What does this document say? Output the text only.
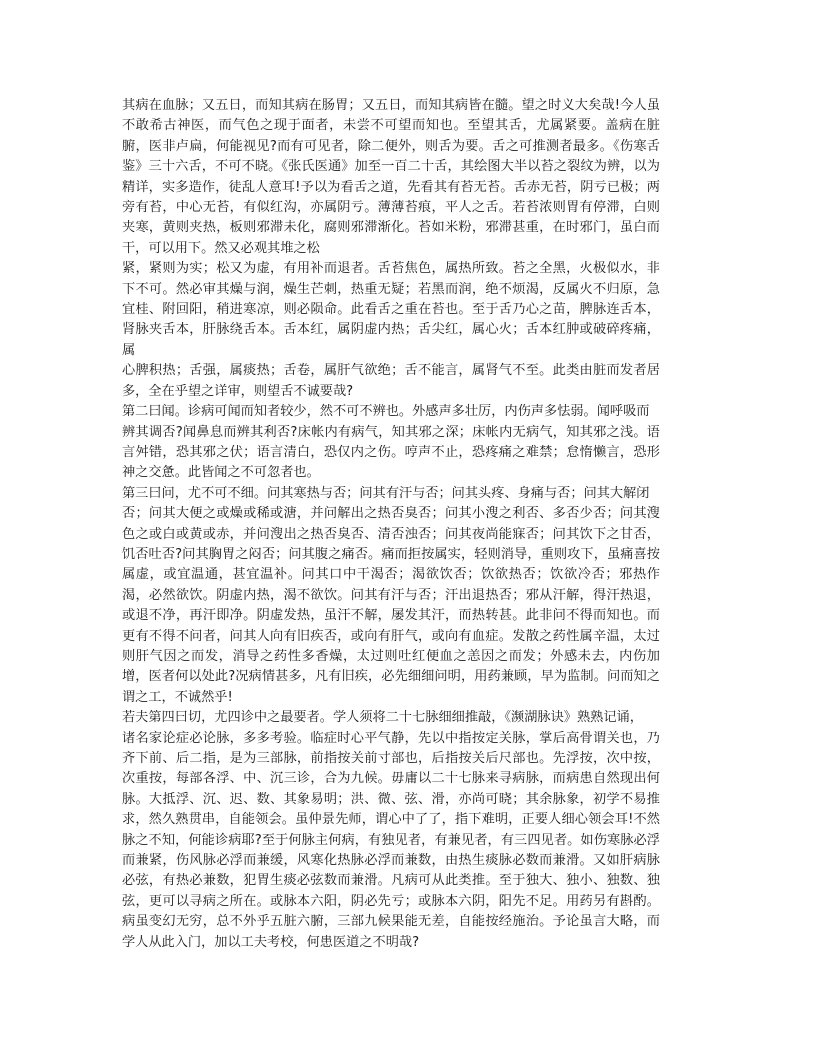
其病在血脉；又五日，而知其病在肠胃；又五日，而知其病皆在髓。望之时义大矣哉!今人虽不敢希古神医，而气色之现于面者，未尝不可望而知也。至望其舌，尤属紧要。盖病在脏腑，医非卢扁，何能视见?而有可见者，除二便外，则舌为要。舌之可推测者最多。《伤寒舌鉴》三十六舌，不可不晓。《张氏医通》加至一百二十舌，其绘图大半以苔之裂纹为辨，以为精详，实多造作，徒乱人意耳!予以为看舌之道，先看其有苔无苔。舌赤无苔，阴亏已极；两旁有苔，中心无苔，有似红沟，亦属阴亏。薄薄苔痕，平人之舌。若苔浓则胃有停滞，白则夹寒，黄则夹热，板则邪滞未化，腐则邪滞渐化。苔如米粉，邪滞甚重，在时邪门，虽白而干，可以用下。然又必观其堆之松

紧，紧则为实；松又为虚，有用补而退者。舌苔焦色，属热所致。苔之全黑，火极似水，非下不可。然必审其燥与润，燥生芒刺，热重无疑；若黑而润，绝不烦渴，反属火不归原，急宜桂、附回阳，稍进寒凉，则必陨命。此看舌之重在苔也。至于舌乃心之苗，脾脉连舌本，肾脉夹舌本，肝脉绕舌本。舌本红，属阴虚内热；舌尖红，属心火；舌本红肿或破碎疼痛，属

心脾积热；舌强，属痰热；舌卷，属肝气欲绝；舌不能言，属肾气不至。此类由脏而发者居多，全在乎望之详审，则望舌不诚要哉?

第二曰闻。诊病可闻而知者较少，然不可不辨也。外感声多壮厉，内伤声多怯弱。闻呼吸而

辨其调否?闻鼻息而辨其利否?床帐内有病气，知其邪之深；床帐内无病气，知其邪之浅。语言舛错，恐其邪之伏；语言清白，恐仅内之伤。哼声不止，恐疼痛之难禁；怠惰懒言，恐形神之交惫。此皆闻之不可忽者也。

第三曰问，尤不可不细。问其寒热与否；问其有汗与否；问其头疼、身痛与否；问其大解闭

否；问其大便之或燥或稀或溏，并问解出之热否臭否；问其小溲之利否、多否少否；问其溲色之或白或黄或赤，并问溲出之热否臭否、清否浊否；问其夜尚能寐否；问其饮下之甘否，饥否吐否?问其胸胃之闷否；问其腹之痛否。痛而拒按属实，轻则消导，重则攻下，虽痛喜按属虚，或宜温通，甚宜温补。问其口中干渴否；渴欲饮否；饮欲热否；饮欲冷否；邪热作渴，必然欲饮。阴虚内热，渴不欲饮。问其有汗与否；汗出退热否；邪从汗解，得汗热退，或退不净，再汗即净。阴虚发热，虽汗不解，屡发其汗，而热转甚。此非问不得而知也。而更有不得不问者，问其人向有旧疾否，或向有肝气，或向有血症。发散之药性属辛温，太过则肝气因之而发，消导之药性多香燥，太过则吐红便血之恙因之而发；外感未去，内伤加增，医者何以处此?况病情甚多，凡有旧疾，必先细细问明，用药兼顾，早为监制。问而知之谓之工，不诚然乎!

若夫第四曰切，尤四诊中之最要者。学人须将二十七脉细细推敲，《濒湖脉诀》熟熟记诵，

诸名家论症必论脉，多多考验。临症时心平气静，先以中指按定关脉，掌后高骨谓关也，乃齐下前、后二指，是为三部脉，前指按关前寸部也，后指按关后尺部也。先浮按，次中按，次重按，每部各浮、中、沉三诊，合为九候。毋庸以二十七脉来寻病脉，而病患自然现出何脉。大抵浮、沉、迟、数、其象易明；洪、微、弦、滑，亦尚可晓；其余脉象，初学不易推求，然久熟贯串，自能领会。虽仲景先师，谓心中了了，指下难明，正要人细心领会耳!不然脉之不知，何能诊病耶?至于何脉主何病，有独见者，有兼见者，有三四见者。如伤寒脉必浮而兼紧，伤风脉必浮而兼缓，风寒化热脉必浮而兼数，由热生痰脉必数而兼滑。又如肝病脉必弦，有热必兼数，犯胃生痰必弦数而兼滑。凡病可从此类推。至于独大、独小、独数、独弦，更可以寻病之所在。或脉本六阳，阴必先亏；或脉本六阴，阳先不足。用药另有斟酌。病虽变幻无穷，总不外乎五脏六腑，三部九候果能无差，自能按经施治。予论虽言大略，而学人从此入门，加以工夫考校，何患医道之不明哉?
